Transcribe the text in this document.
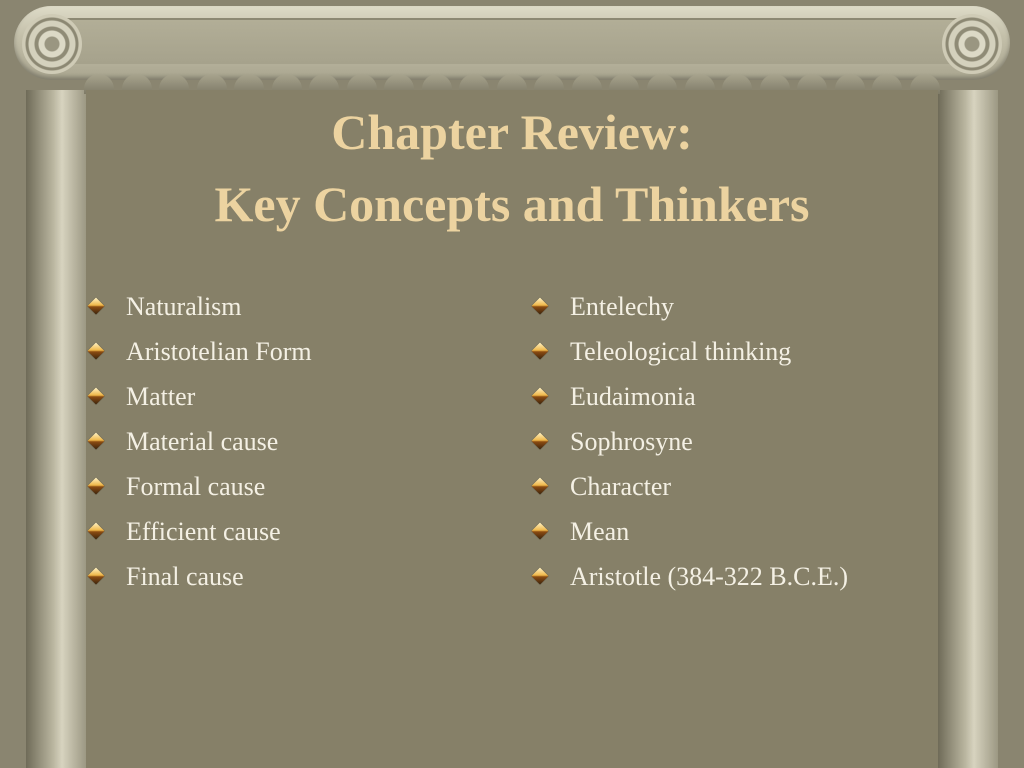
Chapter Review:
Key Concepts and Thinkers
Naturalism
Aristotelian Form
Matter
Material cause
Formal cause
Efficient cause
Final cause
Entelechy
Teleological thinking
Eudaimonia
Sophrosyne
Character
Mean
Aristotle (384-322 B.C.E.)
